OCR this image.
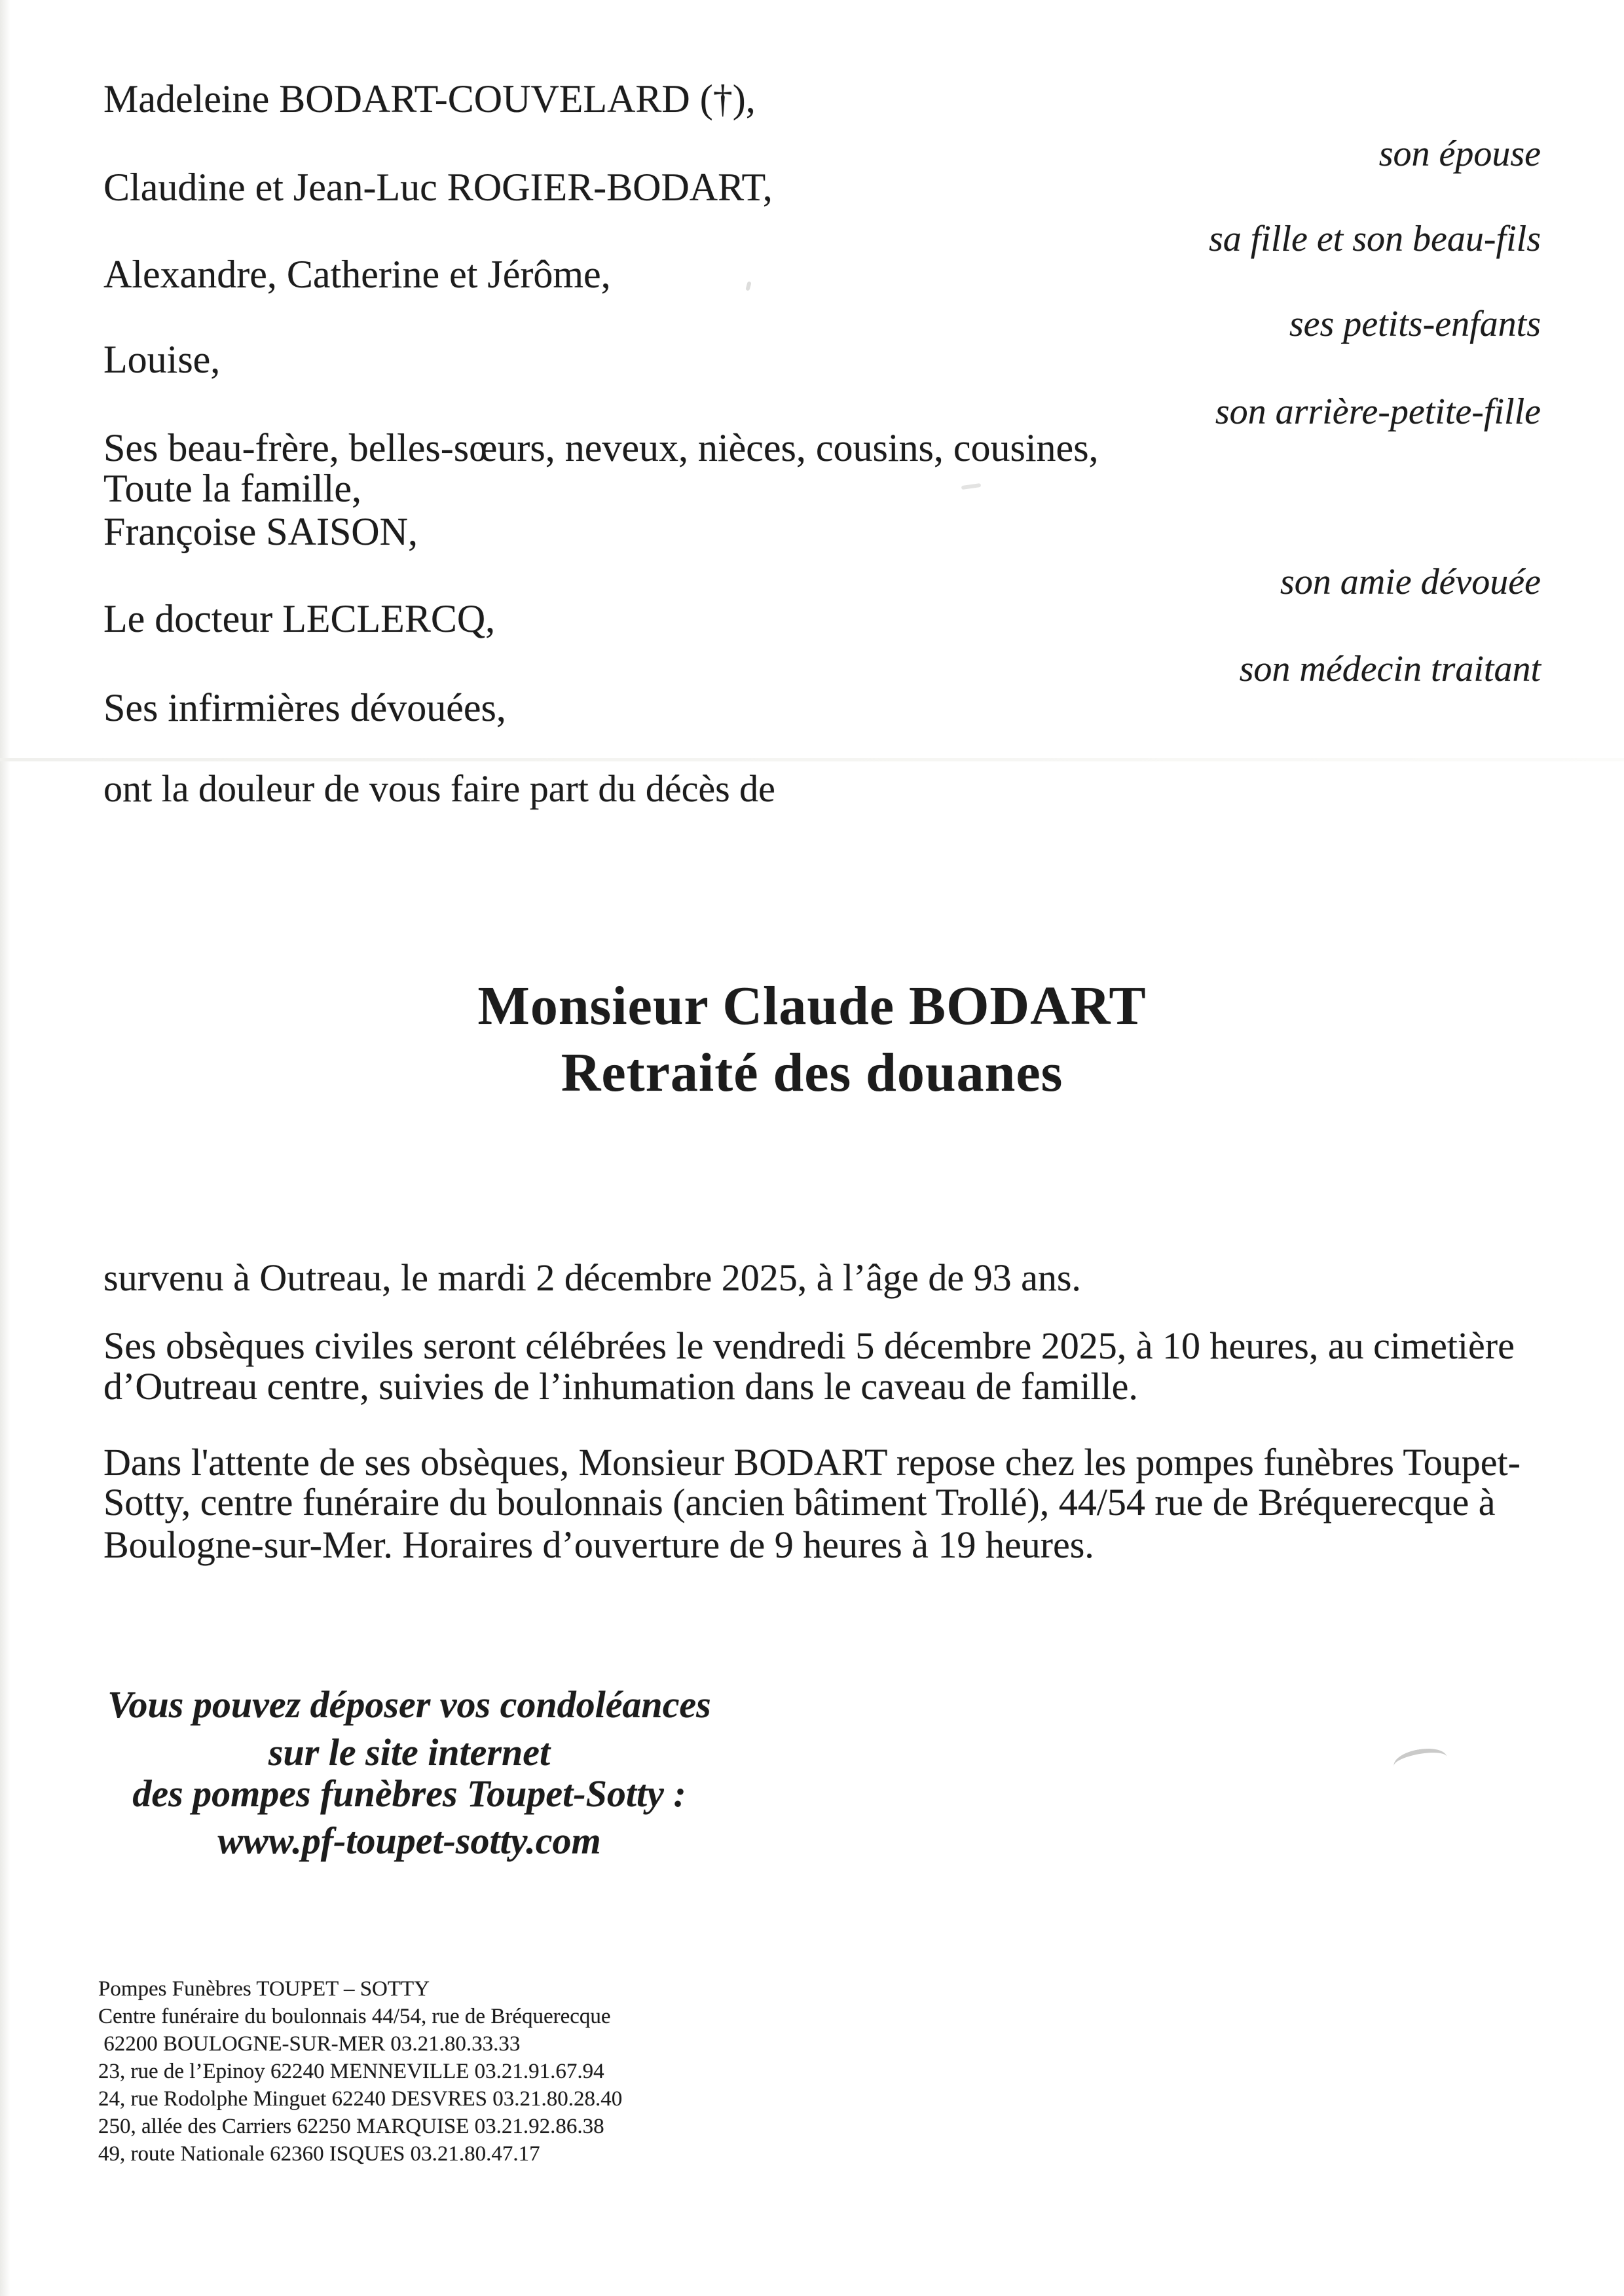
Madeleine BODART-COUVELARD (†),
Claudine et Jean-Luc ROGIER-BODART,
Alexandre, Catherine et Jérôme,
Louise,
Ses beau-frère, belles-sœurs, neveux, nièces, cousins, cousines,
Toute la famille,
Françoise SAISON,
Le docteur LECLERCQ,
Ses infirmières dévouées,
son épouse
sa fille et son beau-fils
ses petits-enfants
son arrière-petite-fille
son amie dévouée
son médecin traitant
ont la douleur de vous faire part du décès de
Monsieur Claude BODART
Retraité des douanes
survenu à Outreau, le mardi 2 décembre 2025, à l’âge de 93 ans.
Ses obsèques civiles seront célébrées le vendredi 5 décembre 2025, à 10 heures, au cimetière
d’Outreau centre, suivies de l’inhumation dans le caveau de famille.
Dans l'attente de ses obsèques, Monsieur BODART repose chez les pompes funèbres Toupet-
Sotty, centre funéraire du boulonnais (ancien bâtiment Trollé), 44/54 rue de Bréquerecque à
Boulogne-sur-Mer. Horaires d’ouverture de 9 heures à 19 heures.
Vous pouvez déposer vos condoléances
sur le site internet
des pompes funèbres Toupet-Sotty :
www.pf-toupet-sotty.com
Pompes Funèbres TOUPET – SOTTY
Centre funéraire du boulonnais 44/54, rue de Bréquerecque
62200 BOULOGNE-SUR-MER 03.21.80.33.33
23, rue de l’Epinoy 62240 MENNEVILLE 03.21.91.67.94
24, rue Rodolphe Minguet 62240 DESVRES 03.21.80.28.40
250, allée des Carriers 62250 MARQUISE 03.21.92.86.38
49, route Nationale 62360 ISQUES 03.21.80.47.17
